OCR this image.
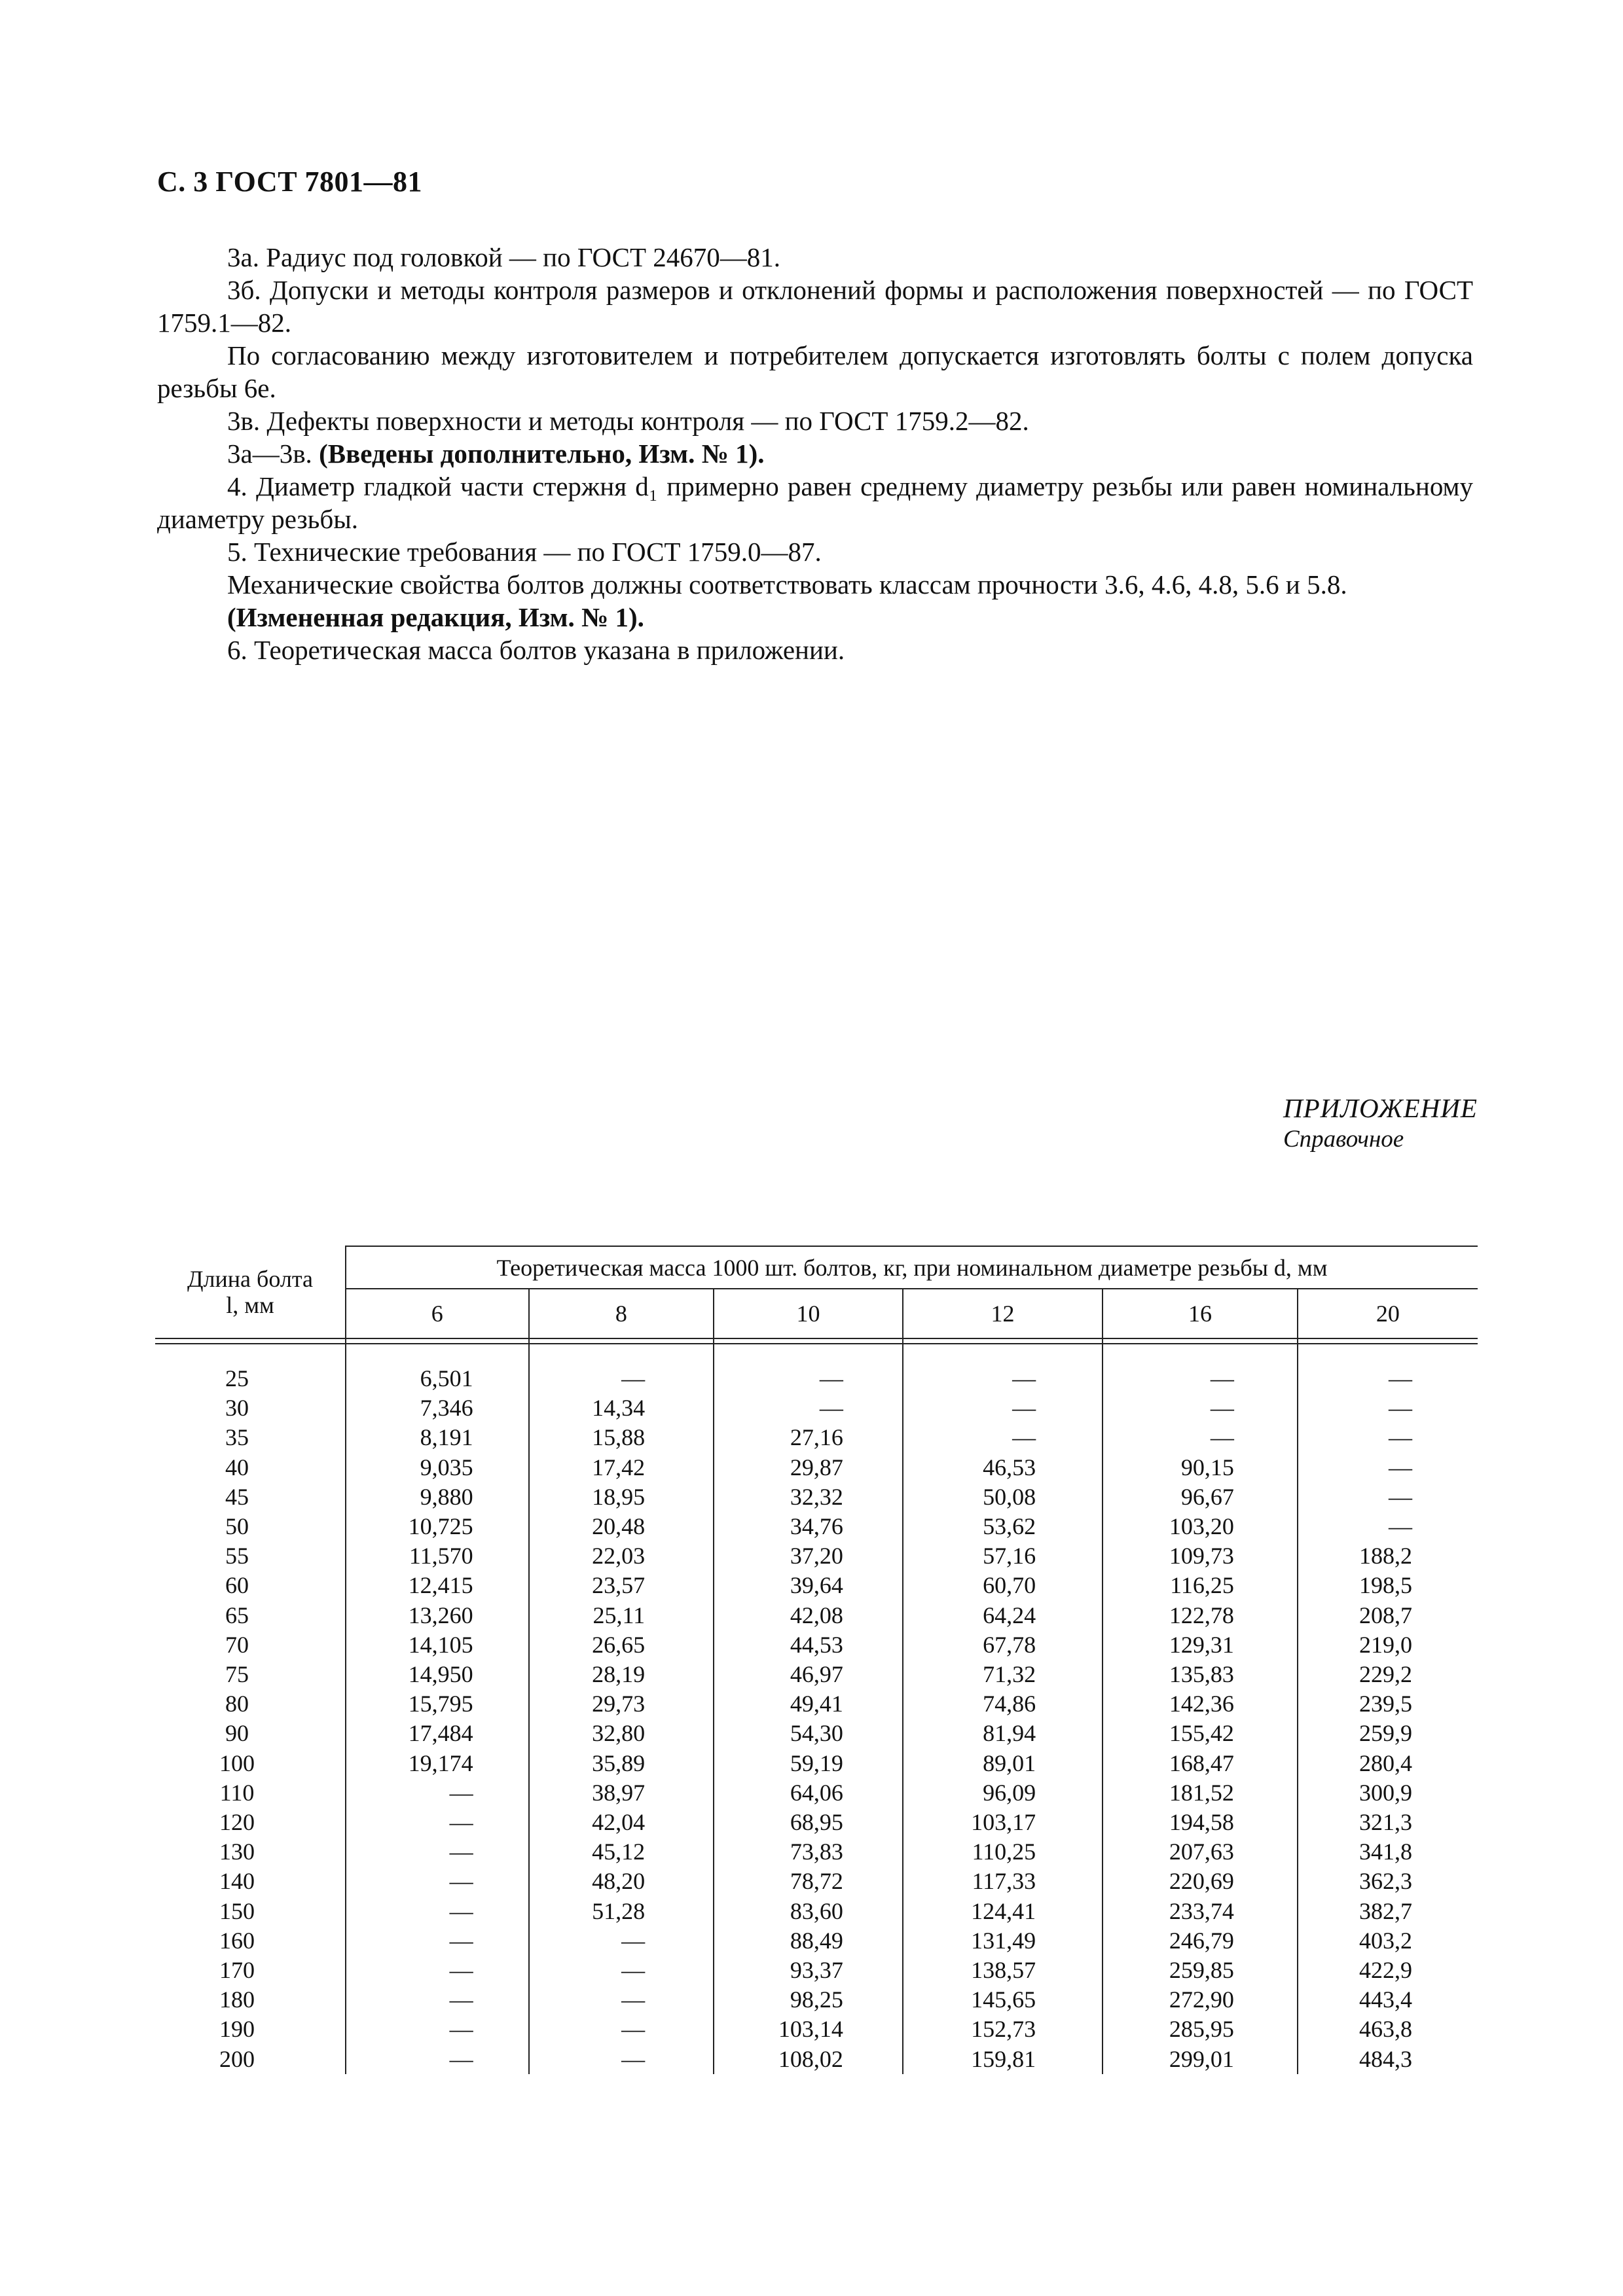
С. 3 ГОСТ 7801—81

3а. Радиус под головкой — по ГОСТ 24670—81.

3б. Допуски и методы контроля размеров и отклонений формы и расположения поверхностей — по ГОСТ 1759.1—82.

По согласованию между изготовителем и потребителем допускается изготовлять болты с полем допуска резьбы 6е.

3в. Дефекты поверхности и методы контроля — по ГОСТ 1759.2—82.

3а—3в. (Введены дополнительно, Изм. № 1).

4. Диаметр гладкой части стержня d₁ примерно равен среднему диаметру резьбы или равен номинальному диаметру резьбы.

5. Технические требования — по ГОСТ 1759.0—87.

Механические свойства болтов должны соответствовать классам прочности 3.6, 4.6, 4.8, 5.6 и 5.8.

(Измененная редакция, Изм. № 1).

6. Теоретическая масса болтов указана в приложении.

ПРИЛОЖЕНИЕ
Справочное
Длина болта
l, мм	Теоретическая масса 1000 шт. болтов, кг, при номинальном диаметре резьбы d, мм					
	6	8	10	12	16	20

25	6,501	—	—	—	—	—
30	7,346	14,34	—	—	—	—
35	8,191	15,88	27,16	—	—	—
40	9,035	17,42	29,87	46,53	90,15	—
45	9,880	18,95	32,32	50,08	96,67	—
50	10,725	20,48	34,76	53,62	103,20	—
55	11,570	22,03	37,20	57,16	109,73	188,2
60	12,415	23,57	39,64	60,70	116,25	198,5
65	13,260	25,11	42,08	64,24	122,78	208,7
70	14,105	26,65	44,53	67,78	129,31	219,0
75	14,950	28,19	46,97	71,32	135,83	229,2
80	15,795	29,73	49,41	74,86	142,36	239,5
90	17,484	32,80	54,30	81,94	155,42	259,9
100	19,174	35,89	59,19	89,01	168,47	280,4
110	—	38,97	64,06	96,09	181,52	300,9
120	—	42,04	68,95	103,17	194,58	321,3
130	—	45,12	73,83	110,25	207,63	341,8
140	—	48,20	78,72	117,33	220,69	362,3
150	—	51,28	83,60	124,41	233,74	382,7
160	—	—	88,49	131,49	246,79	403,2
170	—	—	93,37	138,57	259,85	422,9
180	—	—	98,25	145,65	272,90	443,4
190	—	—	103,14	152,73	285,95	463,8
200	—	—	108,02	159,81	299,01	484,3
